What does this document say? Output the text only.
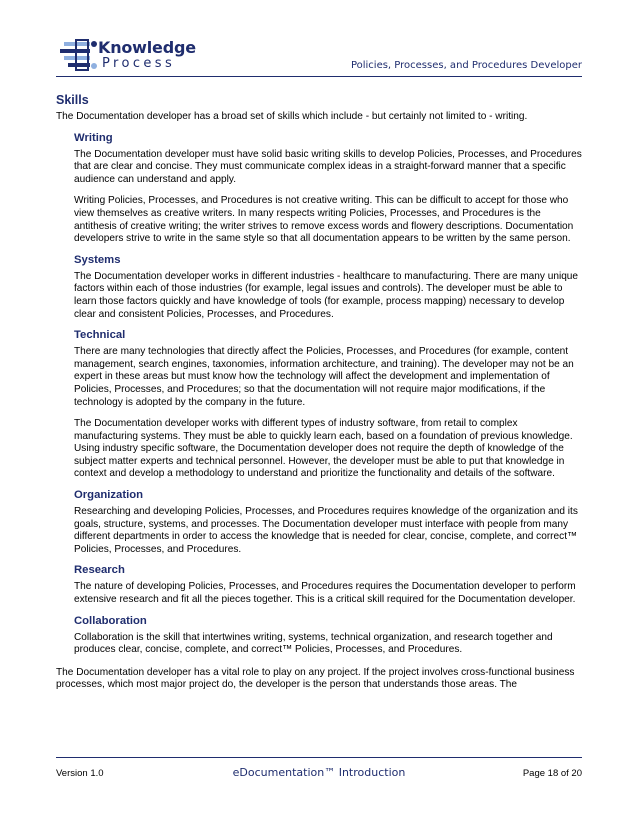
Knowledge
Process	Policies, Processes, and Procedures Developer
Skills

The Documentation developer has a broad set of skills which include - but certainly not limited to - writing.

Writing

The Documentation developer must have solid basic writing skills to develop Policies, Processes, and Procedures that are clear and concise. They must communicate complex ideas in a straight-forward manner that a specific audience can understand and apply.

Writing Policies, Processes, and Procedures is not creative writing. This can be difficult to accept for those who view themselves as creative writers. In many respects writing Policies, Processes, and Procedures is the antithesis of creative writing; the writer strives to remove excess words and flowery descriptions. Documentation developers strive to write in the same style so that all documentation appears to be written by the same person.

Systems

The Documentation developer works in different industries - healthcare to manufacturing. There are many unique factors within each of those industries (for example, legal issues and controls). The developer must be able to learn those factors quickly and have knowledge of tools (for example, process mapping) necessary to develop clear and consistent Policies, Processes, and Procedures.

Technical

There are many technologies that directly affect the Policies, Processes, and Procedures (for example, content management, search engines, taxonomies, information architecture, and training). The developer may not be an expert in these areas but must know how the technology will affect the development and implementation of Policies, Processes, and Procedures; so that the documentation will not require major modifications, if the technology is adopted by the company in the future.

The Documentation developer works with different types of industry software, from retail to complex manufacturing systems. They must be able to quickly learn each, based on a foundation of previous knowledge. Using industry specific software, the Documentation developer does not require the depth of knowledge of the subject matter experts and technical personnel. However, the developer must be able to put that knowledge in context and develop a methodology to understand and prioritize the functionality and details of the software.

Organization

Researching and developing Policies, Processes, and Procedures requires knowledge of the organization and its goals, structure, systems, and processes. The Documentation developer must interface with people from many different departments in order to access the knowledge that is needed for clear, concise, complete, and correct™ Policies, Processes, and Procedures.

Research

The nature of developing Policies, Processes, and Procedures requires the Documentation developer to perform extensive research and fit all the pieces together. This is a critical skill required for the Documentation developer.

Collaboration

Collaboration is the skill that intertwines writing, systems, technical organization, and research together and produces clear, concise, complete, and correct™ Policies, Processes, and Procedures.

The Documentation developer has a vital role to play on any project. If the project involves cross-functional business processes, which most major project do, the developer is the person that understands those areas. The

Version 1.0	eDocumentation™ Introduction	Page 18 of 20
